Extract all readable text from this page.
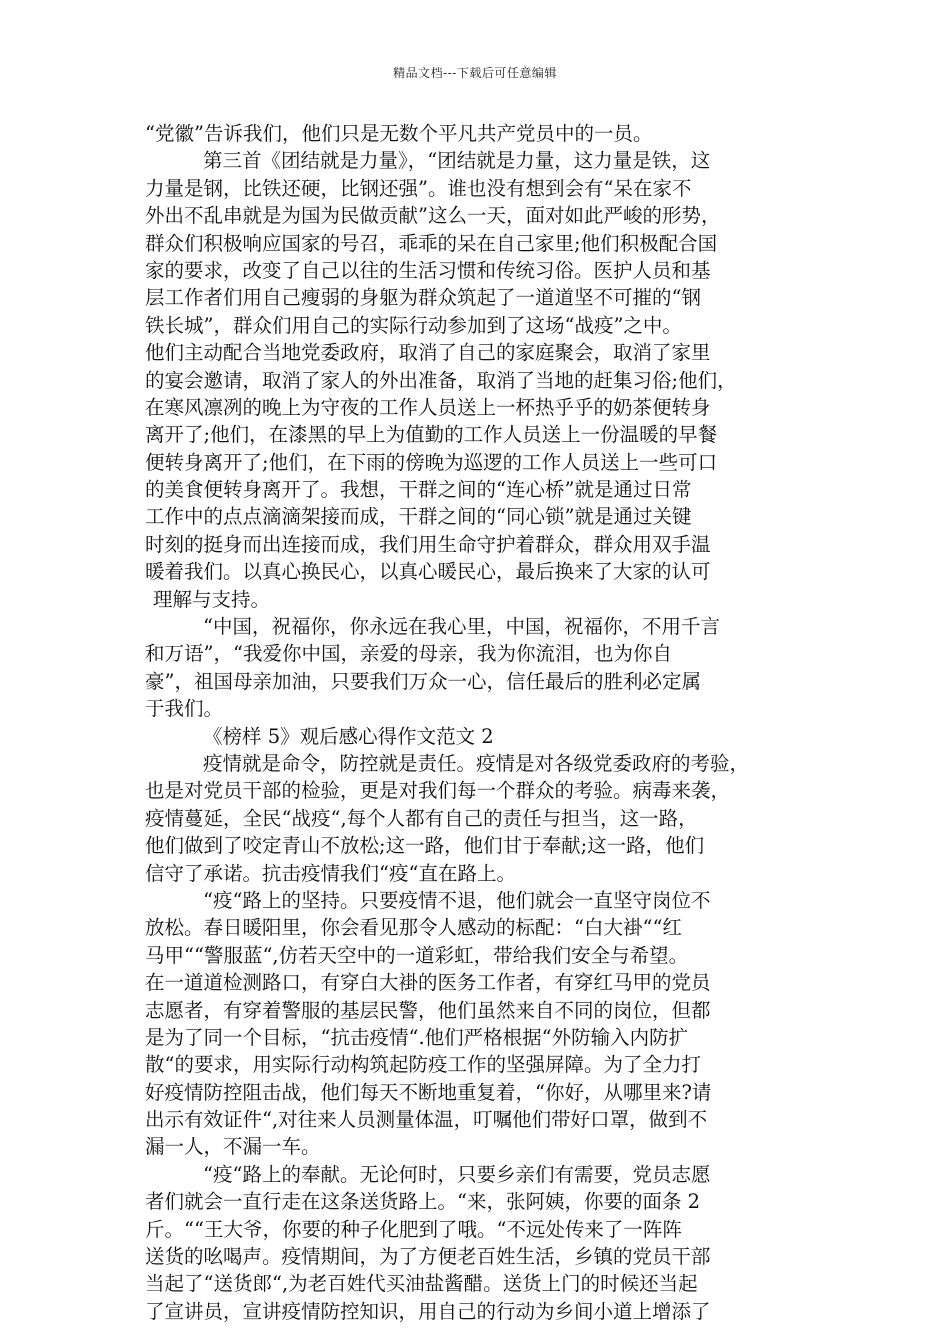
精品文档---下载后可任意编辑
“党徽”告诉我们，他们只是无数个平凡共产党员中的一员。
第三首《团结就是力量》，“团结就是力量，这力量是铁，这
力量是钢，比铁还硬，比钢还强”。谁也没有想到会有“呆在家不
外出不乱串就是为国为民做贡献”这么一天，面对如此严峻的形势，
群众们积极响应国家的号召，乖乖的呆在自己家里;他们积极配合国
家的要求，改变了自己以往的生活习惯和传统习俗。医护人员和基
层工作者们用自己瘦弱的身躯为群众筑起了一道道坚不可摧的“钢
铁长城”，群众们用自己的实际行动参加到了这场“战疫”之中。
他们主动配合当地党委政府，取消了自己的家庭聚会，取消了家里
的宴会邀请，取消了家人的外出准备，取消了当地的赶集习俗;他们，
在寒风凛冽的晚上为守夜的工作人员送上一杯热乎乎的奶茶便转身
离开了;他们，在漆黑的早上为值勤的工作人员送上一份温暖的早餐
便转身离开了;他们，在下雨的傍晚为巡逻的工作人员送上一些可口
的美食便转身离开了。我想，干群之间的“连心桥”就是通过日常
工作中的点点滴滴架接而成，干群之间的“同心锁”就是通过关键
时刻的挺身而出连接而成，我们用生命守护着群众，群众用双手温
暖着我们。以真心换民心，以真心暖民心，最后换来了大家的认可
理解与支持。
“中国，祝福你，你永远在我心里，中国，祝福你，不用千言
和万语”，“我爱你中国，亲爱的母亲，我为你流泪，也为你自
豪”，祖国母亲加油，只要我们万众一心，信任最后的胜利必定属
于我们。
《榜样 5》观后感心得作文范文 2
疫情就是命令，防控就是责任。疫情是对各级党委政府的考验，
也是对党员干部的检验，更是对我们每一个群众的考验。病毒来袭，
疫情蔓延，全民“战疫“,每个人都有自己的责任与担当，这一路，
他们做到了咬定青山不放松;这一路，他们甘于奉献;这一路，他们
信守了承诺。抗击疫情我们“疫“直在路上。
“疫“路上的坚持。只要疫情不退，他们就会一直坚守岗位不
放松。春日暖阳里，你会看见那令人感动的标配：“白大褂““红
马甲““警服蓝“,仿若天空中的一道彩虹，带给我们安全与希望。
在一道道检测路口，有穿白大褂的医务工作者，有穿红马甲的党员
志愿者，有穿着警服的基层民警，他们虽然来自不同的岗位，但都
是为了同一个目标，“抗击疫情“.他们严格根据“外防输入内防扩
散“的要求，用实际行动构筑起防疫工作的坚强屏障。为了全力打
好疫情防控阻击战，他们每天不断地重复着，“你好，从哪里来?请
出示有效证件“,对往来人员测量体温，叮嘱他们带好口罩，做到不
漏一人，不漏一车。
“疫“路上的奉献。无论何时，只要乡亲们有需要，党员志愿
者们就会一直行走在这条送货路上。“来，张阿姨，你要的面条 2
斤。““王大爷，你要的种子化肥到了哦。“不远处传来了一阵阵
送货的吆喝声。疫情期间，为了方便老百姓生活，乡镇的党员干部
当起了“送货郎“,为老百姓代买油盐酱醋。送货上门的时候还当起
了宣讲员，宣讲疫情防控知识，用自己的行动为乡间小道上增添了
